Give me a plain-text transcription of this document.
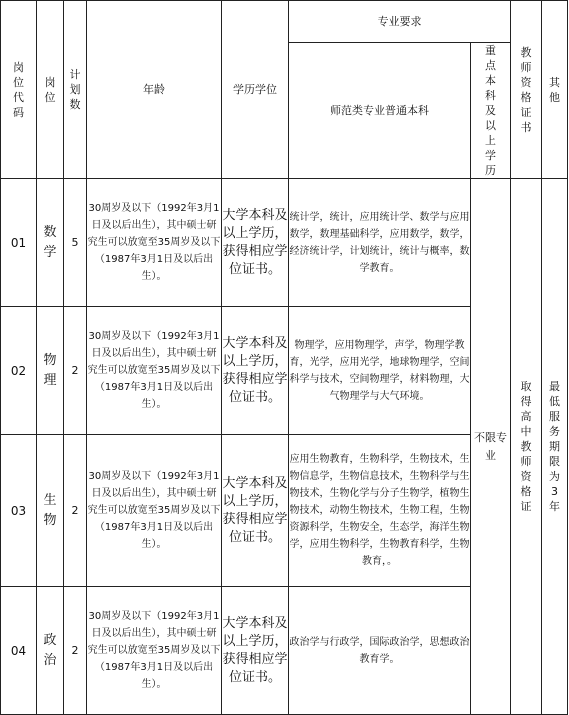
岗位代码	岗位	计划数	年龄	学历学位	专业要求		教师资格证书	其他
					师范类专业普通本科	重点本科及以上学历		
01	数学	5	30周岁及以下（1992年3月1日及以后出生），其中硕士研究生可以放宽至35周岁及以下（1987年3月1日及以后出生）。	大学本科及以上学历，获得相应学位证书。	统计学，统计，应用统计学、数学与应用数学，数理基础科学，应用数学，数学，经济统计学，计划统计，统计与概率，数学教育。	不限专业	取得高中教师资格证	最低服务期限为3年
02	物理	2	30周岁及以下（1992年3月1日及以后出生），其中硕士研究生可以放宽至35周岁及以下（1987年3月1日及以后出生）。	大学本科及以上学历，获得相应学位证书。	物理学，应用物理学，声学，物理学教育，光学，应用光学，地球物理学，空间科学与技术，空间物理学，材料物理，大气物理学与大气环境。			
03	生物	2	30周岁及以下（1992年3月1日及以后出生），其中硕士研究生可以放宽至35周岁及以下（1987年3月1日及以后出生）。	大学本科及以上学历，获得相应学位证书。	应用生物教育，生物科学，生物技术，生物信息学，生物信息技术，生物科学与生物技术，生物化学与分子生物学，植物生物技术，动物生物技术，生物工程，生物资源科学，生物安全，生态学，海洋生物学，应用生物科学，生物教育科学，生物教育，。			
04	政治	2	30周岁及以下（1992年3月1日及以后出生），其中硕士研究生可以放宽至35周岁及以下（1987年3月1日及以后出生）。	大学本科及以上学历，获得相应学位证书。	政治学与行政学，国际政治学，思想政治教育学。			
